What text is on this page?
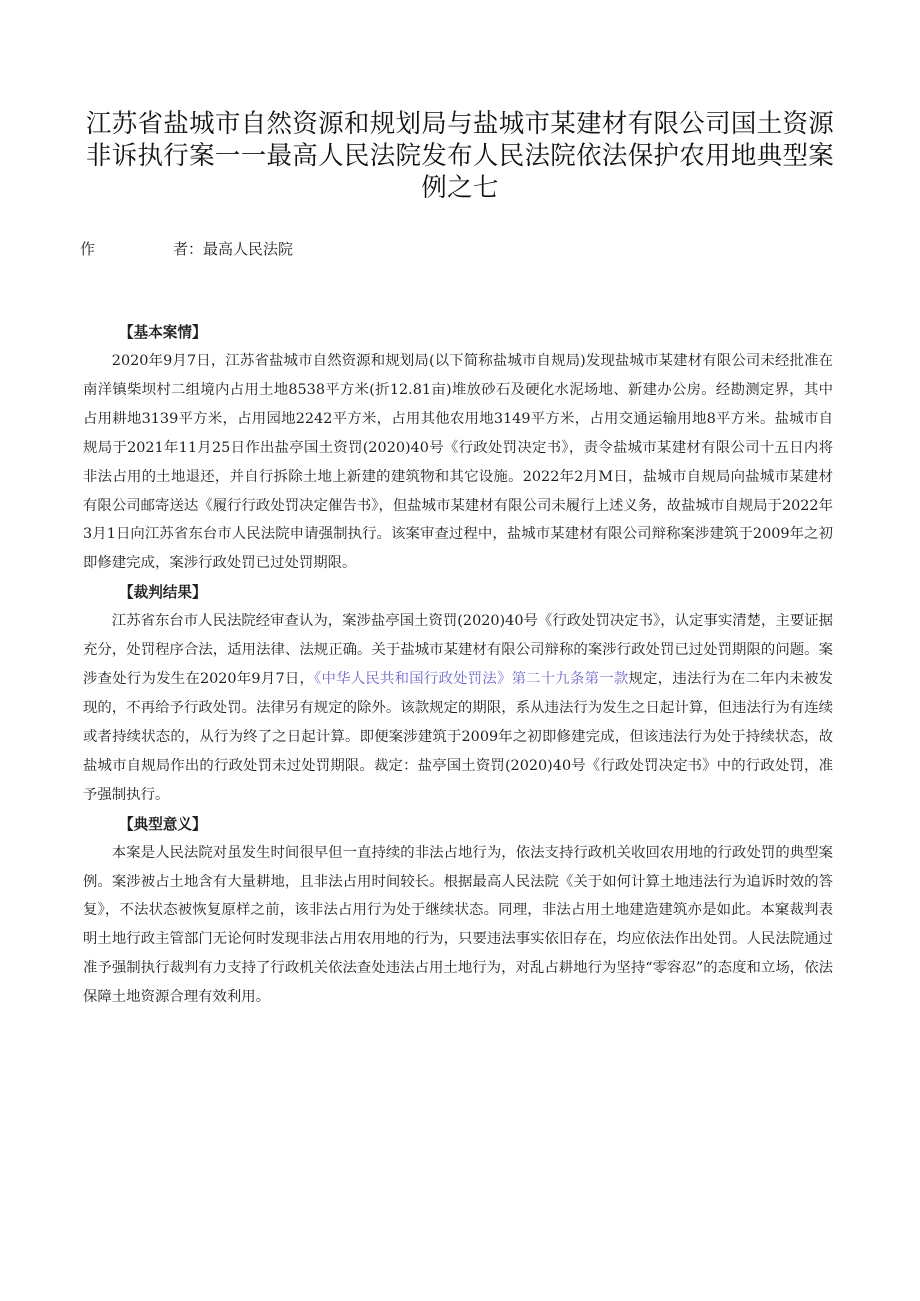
江苏省盐城市自然资源和规划局与盐城市某建材有限公司国土资源非诉执行案一一最高人民法院发布人民法院依法保护农用地典型案例之七
作	者：最高人民法院

【基本案情】

2020年9月7日，江苏省盐城市自然资源和规划局(以下简称盐城市自规局)发现盐城市某建材有限公司未经批准在南洋镇柴坝村二组境内占用土地8538平方米(折12.81亩)堆放砂石及硬化水泥场地、新建办公房。经勘测定界，其中占用耕地3139平方米，占用园地2242平方米，占用其他农用地3149平方米，占用交通运输用地8平方米。盐城市自规局于2021年11月25日作出盐亭国土资罚(2020)40号《行政处罚决定书》，责令盐城市某建材有限公司十五日内将非法占用的土地退还，并自行拆除土地上新建的建筑物和其它设施。2022年2月M日，盐城市自规局向盐城市某建材有限公司邮寄送达《履行行政处罚决定催告书》，但盐城市某建材有限公司未履行上述义务，故盐城市自规局于2022年3月1日向江苏省东台市人民法院申请强制执行。该案审查过程中，盐城市某建材有限公司辩称案涉建筑于2009年之初即修建完成，案涉行政处罚已过处罚期限。

【裁判结果】

江苏省东台市人民法院经审查认为，案涉盐亭国土资罚(2020)40号《行政处罚决定书》，认定事实清楚，主要证据充分，处罚程序合法，适用法律、法规正确。关于盐城市某建材有限公司辩称的案涉行政处罚已过处罚期限的问题。案涉查处行为发生在2020年9月7日，《中华人民共和国行政处罚法》第二十九条第一款规定，违法行为在二年内未被发现的，不再给予行政处罚。法律另有规定的除外。该款规定的期限，系从违法行为发生之日起计算，但违法行为有连续或者持续状态的，从行为终了之日起计算。即便案涉建筑于2009年之初即修建完成，但该违法行为处于持续状态，故盐城市自规局作出的行政处罚未过处罚期限。裁定：盐亭国土资罚(2020)40号《行政处罚决定书》中的行政处罚，准予强制执行。

【典型意义】

本案是人民法院对虽发生时间很早但一直持续的非法占地行为，依法支持行政机关收回农用地的行政处罚的典型案例。案涉被占土地含有大量耕地，且非法占用时间较长。根据最高人民法院《关于如何计算土地违法行为追诉时效的答复》，不法状态被恢复原样之前，该非法占用行为处于继续状态。同理，非法占用土地建造建筑亦是如此。本窠裁判表明土地行政主管部门无论何时发现非法占用农用地的行为，只要违法事实依旧存在，均应依法作出处罚。人民法院通过准予强制执行裁判有力支持了行政机关依法查处违法占用土地行为，对乱占耕地行为坚持“零容忍”的态度和立场，依法保障土地资源合理有效利用。
